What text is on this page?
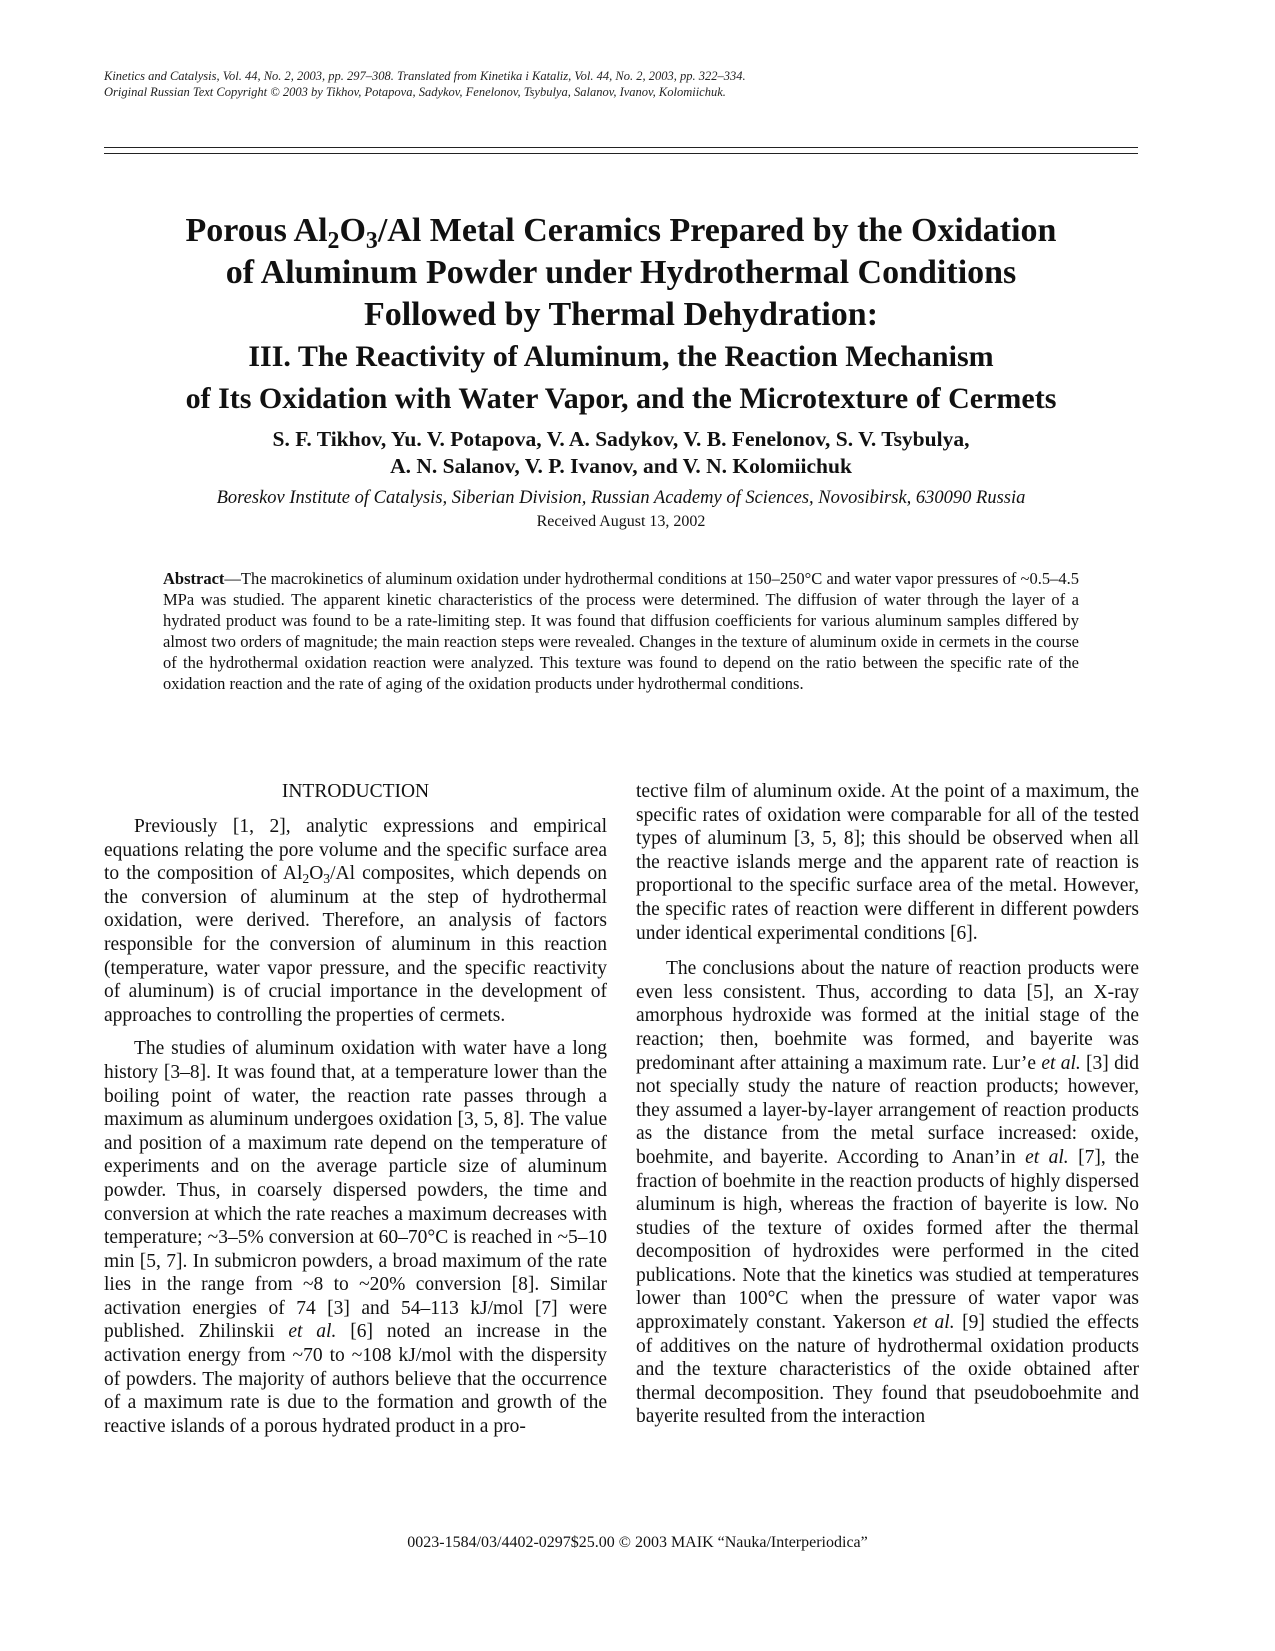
Kinetics and Catalysis, Vol. 44, No. 2, 2003, pp. 297–308. Translated from Kinetika i Kataliz, Vol. 44, No. 2, 2003, pp. 322–334.
Original Russian Text Copyright © 2003 by Tikhov, Potapova, Sadykov, Fenelonov, Tsybulya, Salanov, Ivanov, Kolomiichuk.
Porous $Al_2O_3/Al$ Metal Ceramics Prepared by the Oxidation
of Aluminum Powder under Hydrothermal Conditions
Followed by Thermal Dehydration:
III. The Reactivity of Aluminum, the Reaction Mechanism
of Its Oxidation with Water Vapor, and the Microtexture of Cermets
S. F. Tikhov, Yu. V. Potapova, V. A. Sadykov, V. B. Fenelonov, S. V. Tsybulya,
A. N. Salanov, V. P. Ivanov, and V. N. Kolomiichuk
Boreskov Institute of Catalysis, Siberian Division, Russian Academy of Sciences, Novosibirsk, 630090 Russia
Received August 13, 2002
Abstract—The macrokinetics of aluminum oxidation under hydrothermal conditions at 150–250°C and water vapor pressures of ~0.5–4.5 MPa was studied. The apparent kinetic characteristics of the process were determined. The diffusion of water through the layer of a hydrated product was found to be a rate-limiting step. It was found that diffusion coefficients for various aluminum samples differed by almost two orders of magnitude; the main reaction steps were revealed. Changes in the texture of aluminum oxide in cermets in the course of the hydrothermal oxidation reaction were analyzed. This texture was found to depend on the ratio between the specific rate of the oxidation reaction and the rate of aging of the oxidation products under hydrothermal conditions.
INTRODUCTION

Previously [1, 2], analytic expressions and empirical equations relating the pore volume and the specific surface area to the composition of $Al_2O_3/Al$ composites, which depends on the conversion of aluminum at the step of hydrothermal oxidation, were derived. Therefore, an analysis of factors responsible for the conversion of aluminum in this reaction (temperature, water vapor pressure, and the specific reactivity of aluminum) is of crucial importance in the development of approaches to controlling the properties of cermets.

The studies of aluminum oxidation with water have a long history [3–8]. It was found that, at a temperature lower than the boiling point of water, the reaction rate passes through a maximum as aluminum undergoes oxidation [3, 5, 8]. The value and position of a maximum rate depend on the temperature of experiments and on the average particle size of aluminum powder. Thus, in coarsely dispersed powders, the time and conversion at which the rate reaches a maximum decreases with temperature; ~3–5% conversion at 60–70°C is reached in ~5–10 min [5, 7]. In submicron powders, a broad maximum of the rate lies in the range from ~8 to ~20% conversion [8]. Similar activation energies of 74 [3] and 54–113 kJ/mol [7] were published. Zhilinskii et al. [6] noted an increase in the activation energy from ~70 to ~108 kJ/mol with the dispersity of powders. The majority of authors believe that the occurrence of a maximum rate is due to the formation and growth of the reactive islands of a porous hydrated product in a pro-

tective film of aluminum oxide. At the point of a maximum, the specific rates of oxidation were comparable for all of the tested types of aluminum [3, 5, 8]; this should be observed when all the reactive islands merge and the apparent rate of reaction is proportional to the specific surface area of the metal. However, the specific rates of reaction were different in different powders under identical experimental conditions [6].

The conclusions about the nature of reaction products were even less consistent. Thus, according to data [5], an X-ray amorphous hydroxide was formed at the initial stage of the reaction; then, boehmite was formed, and bayerite was predominant after attaining a maximum rate. Lur’e et al. [3] did not specially study the nature of reaction products; however, they assumed a layer-by-layer arrangement of reaction products as the distance from the metal surface increased: oxide, boehmite, and bayerite. According to Anan’in et al. [7], the fraction of boehmite in the reaction products of highly dispersed aluminum is high, whereas the fraction of bayerite is low. No studies of the texture of oxides formed after the thermal decomposition of hydroxides were performed in the cited publications. Note that the kinetics was studied at temperatures lower than 100°C when the pressure of water vapor was approximately constant. Yakerson et al. [9] studied the effects of additives on the nature of hydrothermal oxidation products and the texture characteristics of the oxide obtained after thermal decomposition. They found that pseudoboehmite and bayerite resulted from the interaction

0023-1584/03/4402-0297$25.00 © 2003 MAIK “Nauka/Interperiodica”
